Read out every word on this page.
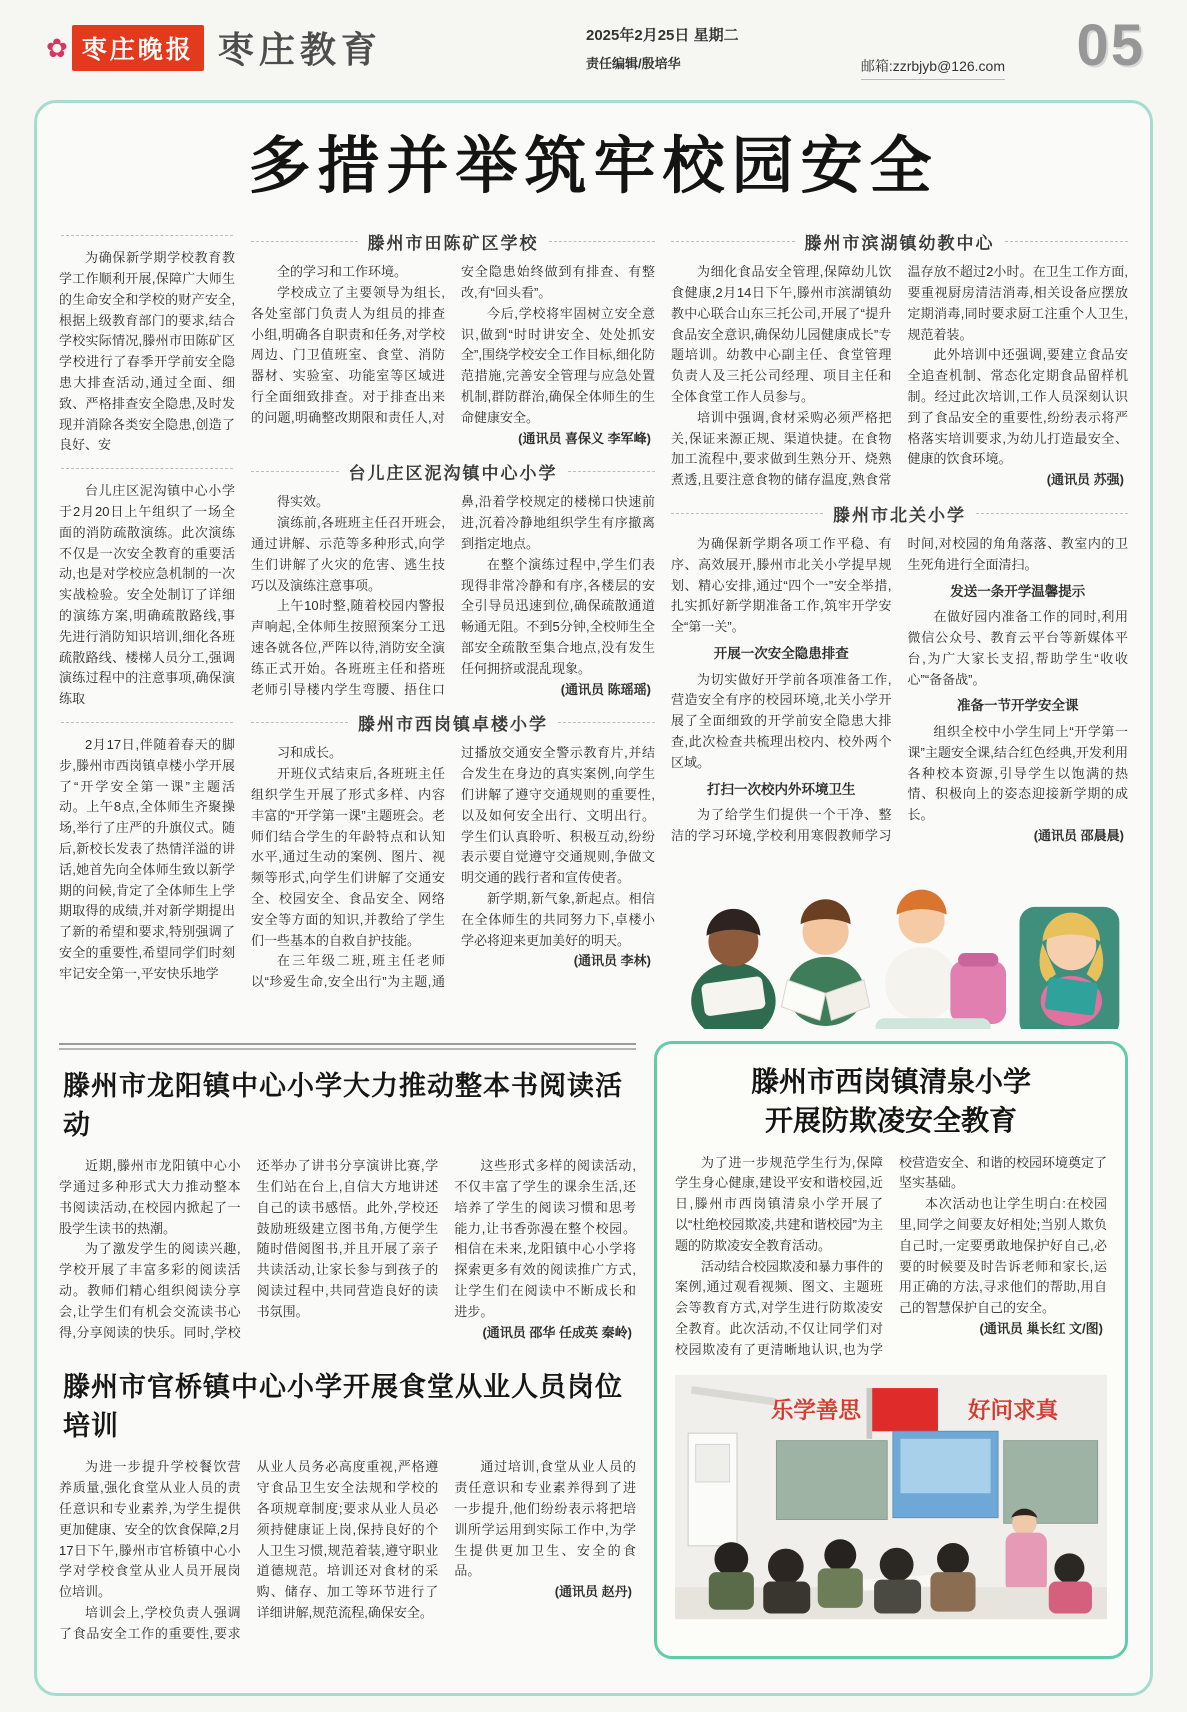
✿ 枣庄晚报 枣庄教育	2025年2月25日 星期二
责任编辑/殷培华	邮箱:zzrbjyb@126.com 05
多措并举筑牢校园安全

为确保新学期学校教育教学工作顺利开展,保障广大师生的生命安全和学校的财产安全,根据上级教育部门的要求,结合学校实际情况,滕州市田陈矿区学校进行了春季开学前安全隐患大排查活动,通过全面、细致、严格排查安全隐患,及时发现并消除各类安全隐患,创造了良好、安

台儿庄区泥沟镇中心小学于2月20日上午组织了一场全面的消防疏散演练。此次演练不仅是一次安全教育的重要活动,也是对学校应急机制的一次实战检验。安全处制订了详细的演练方案,明确疏散路线,事先进行消防知识培训,细化各班疏散路线、楼梯人员分工,强调演练过程中的注意事项,确保演练取

2月17日,伴随着春天的脚步,滕州市西岗镇卓楼小学开展了“开学安全第一课”主题活动。上午8点,全体师生齐聚操场,举行了庄严的升旗仪式。随后,新校长发表了热情洋溢的讲话,她首先向全体师生致以新学期的问候,肯定了全体师生上学期取得的成绩,并对新学期提出了新的希望和要求,特别强调了安全的重要性,希望同学们时刻牢记安全第一,平安快乐地学

滕州市田陈矿区学校

全的学习和工作环境。

学校成立了主要领导为组长,各处室部门负责人为组员的排查小组,明确各自职责和任务,对学校周边、门卫值班室、食堂、消防器材、实验室、功能室等区域进行全面细致排查。对于排查出来的问题,明确整改期限和责任人,对安全隐患始终做到有排查、有整改,有“回头看”。

今后,学校将牢固树立安全意识,做到“时时讲安全、处处抓安全”,围绕学校安全工作目标,细化防范措施,完善安全管理与应急处置机制,群防群治,确保全体师生的生命健康安全。

(通讯员 喜保义 李军峰)

台儿庄区泥沟镇中心小学

得实效。

演练前,各班班主任召开班会,通过讲解、示范等多种形式,向学生们讲解了火灾的危害、逃生技巧以及演练注意事项。

上午10时整,随着校园内警报声响起,全体师生按照预案分工迅速各就各位,严阵以待,消防安全演练正式开始。各班班主任和搭班老师引导楼内学生弯腰、捂住口鼻,沿着学校规定的楼梯口快速前进,沉着冷静地组织学生有序撤离到指定地点。

在整个演练过程中,学生们表现得非常冷静和有序,各楼层的安全引导员迅速到位,确保疏散通道畅通无阻。不到5分钟,全校师生全部安全疏散至集合地点,没有发生任何拥挤或混乱现象。

(通讯员 陈瑶瑶)

滕州市西岗镇卓楼小学

习和成长。

开班仪式结束后,各班班主任组织学生开展了形式多样、内容丰富的“开学第一课”主题班会。老师们结合学生的年龄特点和认知水平,通过生动的案例、图片、视频等形式,向学生们讲解了交通安全、校园安全、食品安全、网络安全等方面的知识,并教给了学生们一些基本的自救自护技能。

在三年级二班,班主任老师以“珍爱生命,安全出行”为主题,通过播放交通安全警示教育片,并结合发生在身边的真实案例,向学生们讲解了遵守交通规则的重要性,以及如何安全出行、文明出行。学生们认真聆听、积极互动,纷纷表示要自觉遵守交通规则,争做文明交通的践行者和宣传使者。

新学期,新气象,新起点。相信在全体师生的共同努力下,卓楼小学必将迎来更加美好的明天。

(通讯员 李林)

滕州市滨湖镇幼教中心

为细化食品安全管理,保障幼儿饮食健康,2月14日下午,滕州市滨湖镇幼教中心联合山东三托公司,开展了“提升食品安全意识,确保幼儿园健康成长”专题培训。幼教中心副主任、食堂管理负责人及三托公司经理、项目主任和全体食堂工作人员参与。

培训中强调,食材采购必须严格把关,保证来源正规、渠道快捷。在食物加工流程中,要求做到生熟分开、烧熟煮透,且要注意食物的储存温度,熟食常温存放不超过2小时。在卫生工作方面,要重视厨房清洁消毒,相关设备应摆放定期消毒,同时要求厨工注重个人卫生,规范着装。

此外培训中还强调,要建立食品安全追查机制、常态化定期食品留样机制。经过此次培训,工作人员深刻认识到了食品安全的重要性,纷纷表示将严格落实培训要求,为幼儿打造最安全、健康的饮食环境。

(通讯员 苏强)

滕州市北关小学

为确保新学期各项工作平稳、有序、高效展开,滕州市北关小学提早规划、精心安排,通过“四个一”安全举措,扎实抓好新学期准备工作,筑牢开学安全“第一关”。

开展一次安全隐患排查

为切实做好开学前各项准备工作,营造安全有序的校园环境,北关小学开展了全面细致的开学前安全隐患大排查,此次检查共梳理出校内、校外两个区域。

打扫一次校内外环境卫生

为了给学生们提供一个干净、整洁的学习环境,学校利用寒假教师学习时间,对校园的角角落落、教室内的卫生死角进行全面清扫。

发送一条开学温馨提示

在做好园内准备工作的同时,利用微信公众号、教育云平台等新媒体平台,为广大家长支招,帮助学生“收收心”“备备战”。

准备一节开学安全课

组织全校中小学生同上“开学第一课”主题安全课,结合红色经典,开发利用各种校本资源,引导学生以饱满的热情、积极向上的姿态迎接新学期的成长。

(通讯员 邵晨晨)

滕州市龙阳镇中心小学大力推动整本书阅读活动

近期,滕州市龙阳镇中心小学通过多种形式大力推动整本书阅读活动,在校园内掀起了一股学生读书的热潮。

为了激发学生的阅读兴趣,学校开展了丰富多彩的阅读活动。教师们精心组织阅读分享会,让学生们有机会交流读书心得,分享阅读的快乐。同时,学校还举办了讲书分享演讲比赛,学生们站在台上,自信大方地讲述自己的读书感悟。此外,学校还鼓励班级建立图书角,方便学生随时借阅图书,并且开展了亲子共读活动,让家长参与到孩子的阅读过程中,共同营造良好的读书氛围。

这些形式多样的阅读活动,不仅丰富了学生的课余生活,还培养了学生的阅读习惯和思考能力,让书香弥漫在整个校园。相信在未来,龙阳镇中心小学将探索更多有效的阅读推广方式,让学生们在阅读中不断成长和进步。

(通讯员 邵华 任成英 秦岭)

滕州市官桥镇中心小学开展食堂从业人员岗位培训

为进一步提升学校餐饮营养质量,强化食堂从业人员的责任意识和专业素养,为学生提供更加健康、安全的饮食保障,2月17日下午,滕州市官桥镇中心小学对学校食堂从业人员开展岗位培训。

培训会上,学校负责人强调了食品安全工作的重要性,要求从业人员务必高度重视,严格遵守食品卫生安全法规和学校的各项规章制度;要求从业人员必须持健康证上岗,保持良好的个人卫生习惯,规范着装,遵守职业道德规范。培训还对食材的采购、储存、加工等环节进行了详细讲解,规范流程,确保安全。

通过培训,食堂从业人员的责任意识和专业素养得到了进一步提升,他们纷纷表示将把培训所学运用到实际工作中,为学生提供更加卫生、安全的食品。

(通讯员 赵丹)

滕州市西岗镇清泉小学
开展防欺凌安全教育

为了进一步规范学生行为,保障学生身心健康,建设平安和谐校园,近日,滕州市西岗镇清泉小学开展了以“杜绝校园欺凌,共建和谐校园”为主题的防欺凌安全教育活动。

活动结合校园欺凌和暴力事件的案例,通过观看视频、图文、主题班会等教育方式,对学生进行防欺凌安全教育。此次活动,不仅让同学们对校园欺凌有了更清晰地认识,也为学校营造安全、和谐的校园环境奠定了坚实基础。

本次活动也让学生明白:在校园里,同学之间要友好相处;当别人欺负自己时,一定要勇敢地保护好自己,必要的时候要及时告诉老师和家长,运用正确的方法,寻求他们的帮助,用自己的智慧保护自己的安全。

(通讯员 巢长红 文/图)

乐学善思	好问求真
